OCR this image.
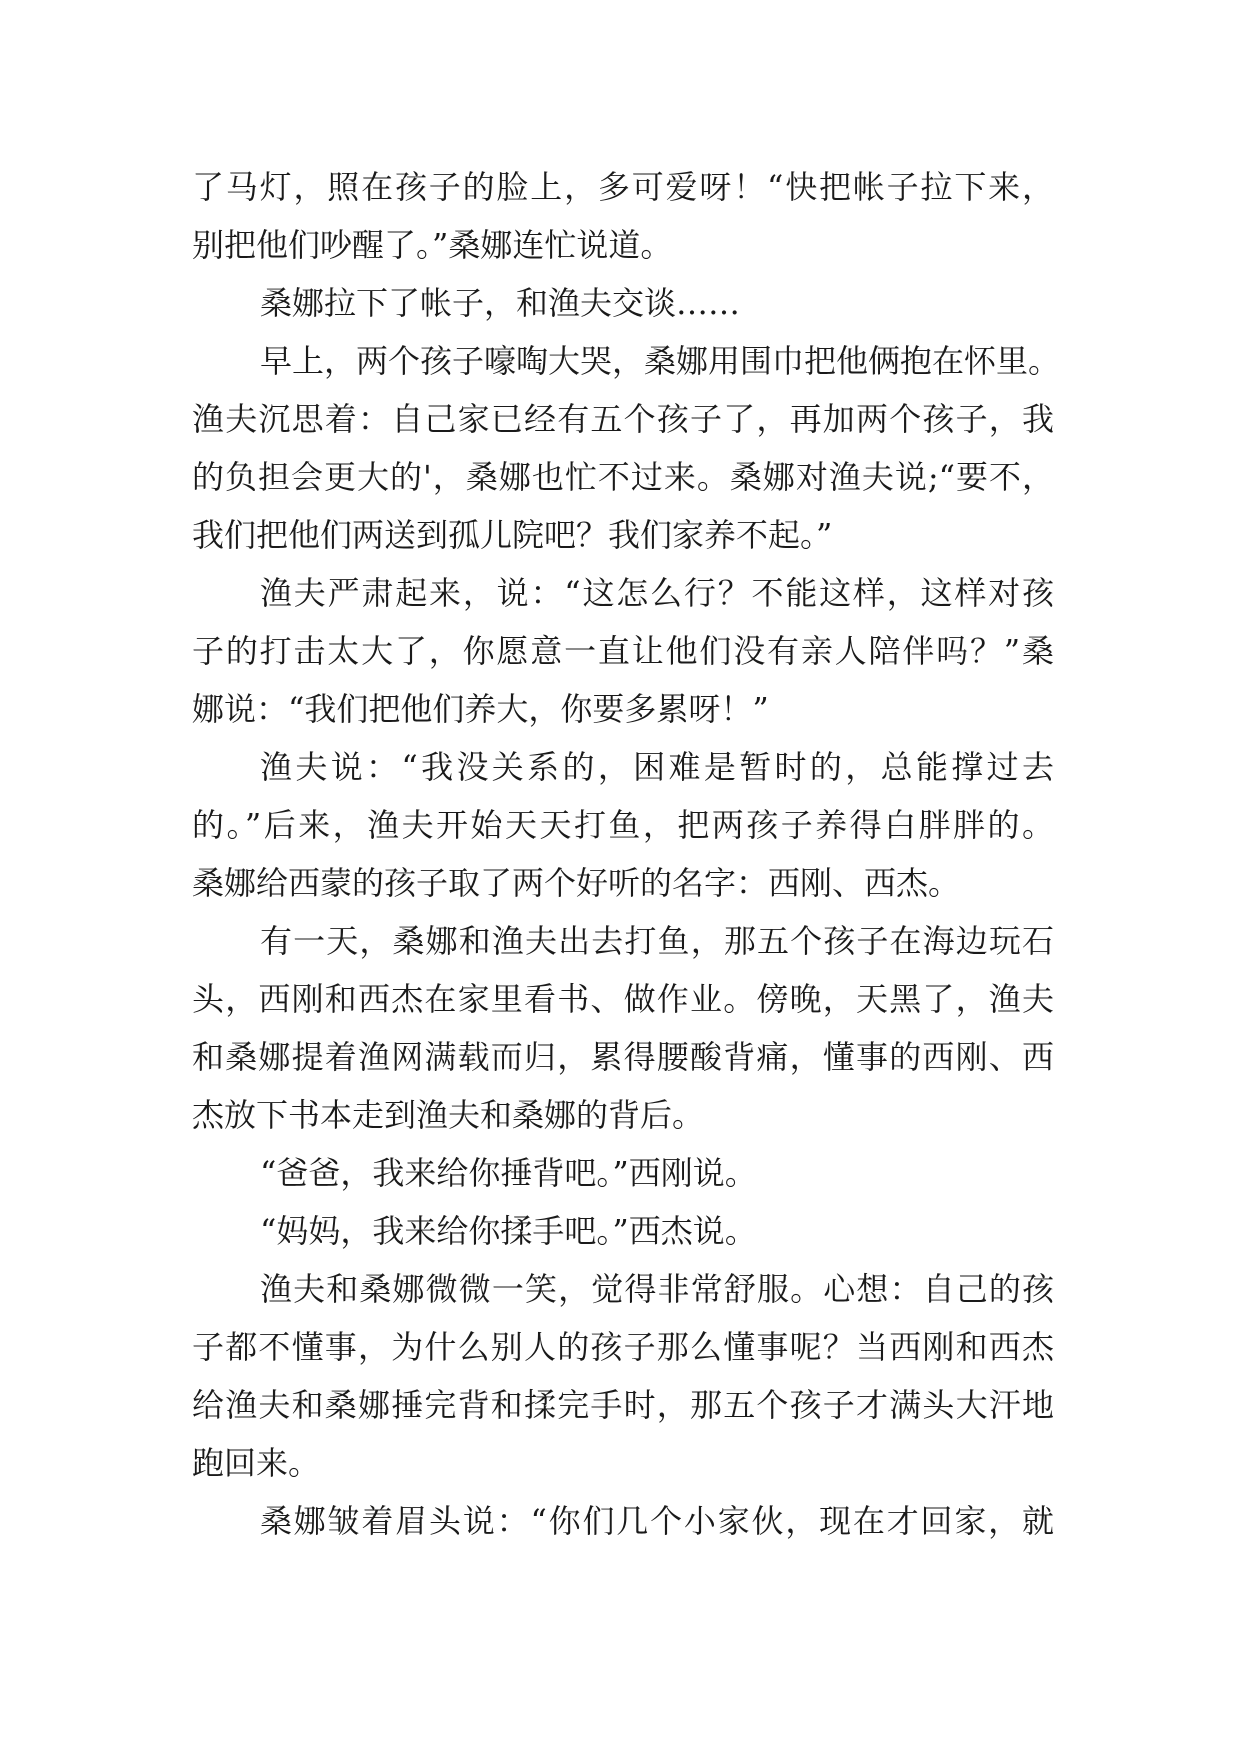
了马灯，照在孩子的脸上，多可爱呀！“快把帐子拉下来，
别把他们吵醒了。”桑娜连忙说道。
桑娜拉下了帐子，和渔夫交谈……
早上，两个孩子嚎啕大哭，桑娜用围巾把他俩抱在怀里。
渔夫沉思着：自己家已经有五个孩子了，再加两个孩子，我
的负担会更大的'，桑娜也忙不过来。桑娜对渔夫说;“要不，
我们把他们两送到孤儿院吧？我们家养不起。”
渔夫严肃起来，说：“这怎么行？不能这样，这样对孩
子的打击太大了，你愿意一直让他们没有亲人陪伴吗？”桑
娜说：“我们把他们养大，你要多累呀！”
渔夫说：“我没关系的，困难是暂时的，总能撑过去
的。”后来，渔夫开始天天打鱼，把两孩子养得白胖胖的。
桑娜给西蒙的孩子取了两个好听的名字：西刚、西杰。
有一天，桑娜和渔夫出去打鱼，那五个孩子在海边玩石
头，西刚和西杰在家里看书、做作业。傍晚，天黑了，渔夫
和桑娜提着渔网满载而归，累得腰酸背痛，懂事的西刚、西
杰放下书本走到渔夫和桑娜的背后。
“爸爸，我来给你捶背吧。”西刚说。
“妈妈，我来给你揉手吧。”西杰说。
渔夫和桑娜微微一笑，觉得非常舒服。心想：自己的孩
子都不懂事，为什么别人的孩子那么懂事呢？当西刚和西杰
给渔夫和桑娜捶完背和揉完手时，那五个孩子才满头大汗地
跑回来。
桑娜皱着眉头说：“你们几个小家伙，现在才回家，就
